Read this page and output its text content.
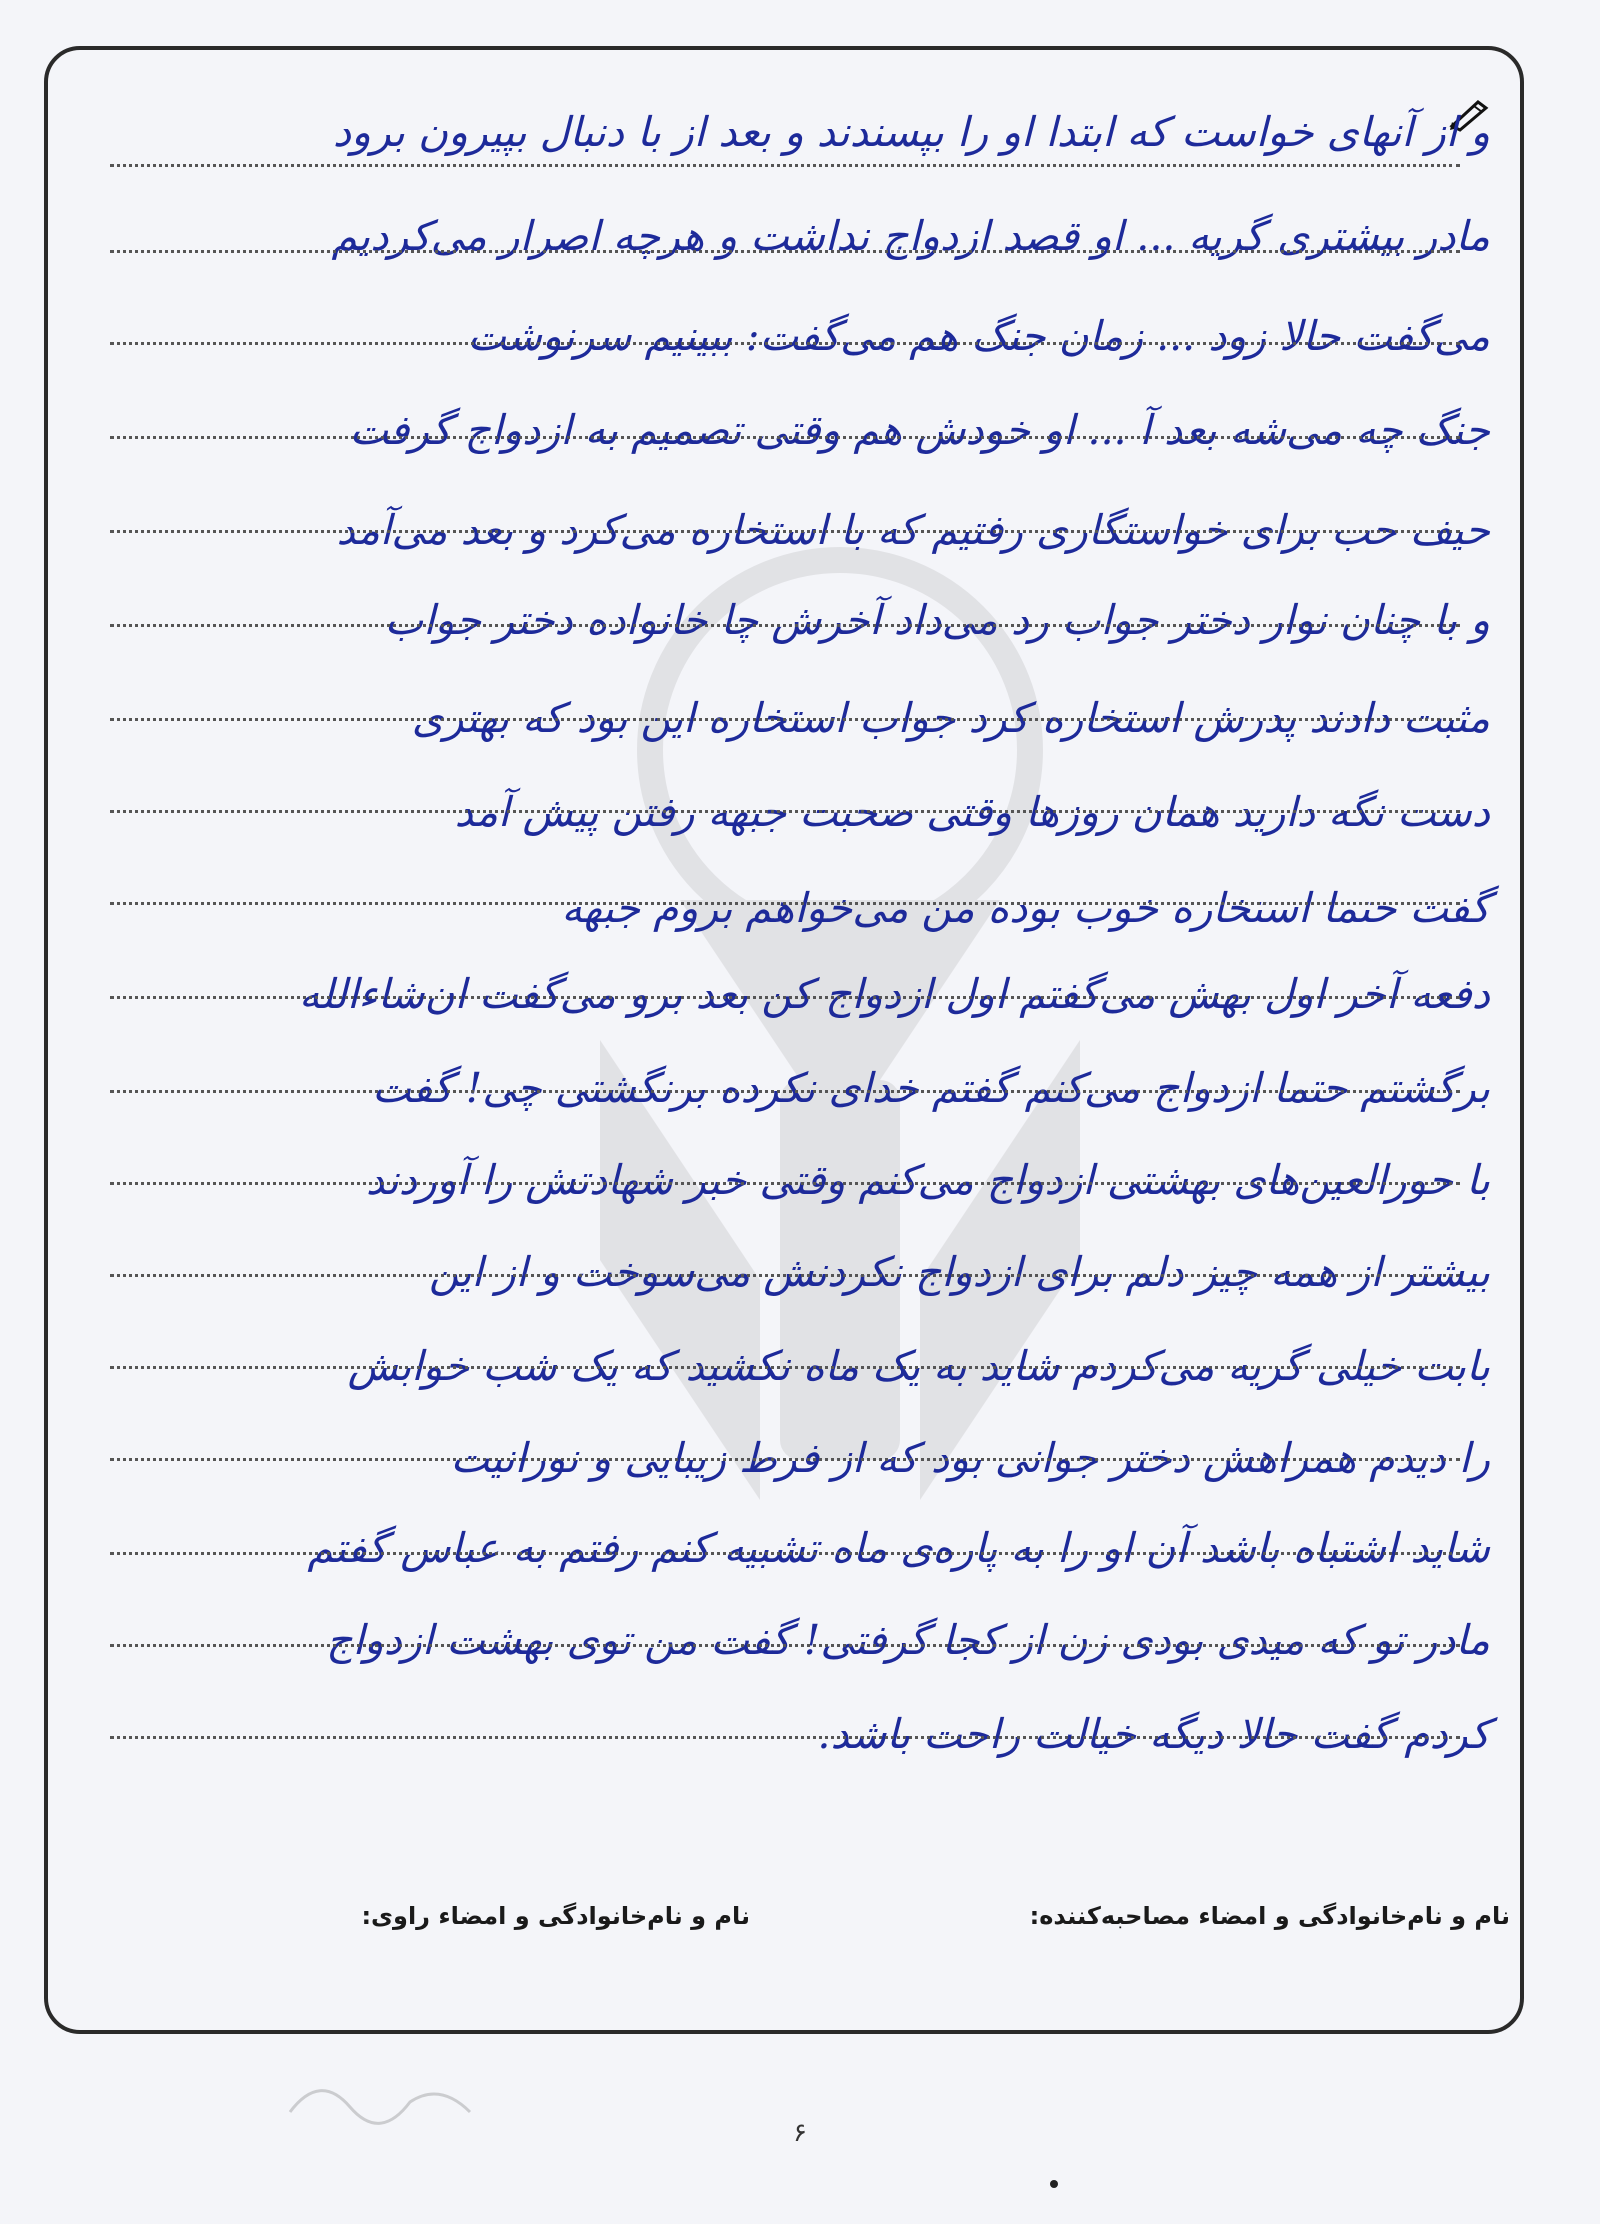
و از آنهای خواست که ابتدا او را بپسندند و بعد از با دنبال بپیرون برود
مادر بیشتری گریه ... او قصد ازدواج نداشت و هرچه اصرار می‌کردیم
می‌گفت حالا زود ... زمان جنگ هم می‌گفت: ببینیم سرنوشت
جنگ چه می‌شه بعد آ ... او خودش هم وقتی تصمیم به ازدواج گرفت
حیف حب برای خواستگاری رفتیم که با استخاره می‌کرد و بعد می‌آمد
و با چنان نوار دختر جواب رد می‌داد آخرش چا خانواده دختر جواب
مثبت دادند پدرش استخاره کرد جواب استخاره این بود که بهتری
دست نگه دارید همان روزها وقتی صحبت جبهه رفتن پیش آمد
گفت حتما استخاره خوب بوده من می‌خواهم بروم جبهه
دفعه آخر اول بهش می‌گفتم اول ازدواج کن بعد برو می‌گفت ان‌شاءالله
برگشتم حتما ازدواج می‌کنم گفتم خدای نکرده برنگشتی چی! گفت
با حورالعین‌های بهشتی ازدواج می‌کنم وقتی خبر شهادتش را آوردند
بیشتر از همه چیز دلم برای ازدواج نکردنش می‌سوخت و از این
بابت خیلی گریه می‌کردم شاید به یک ماه نکشید که یک شب خوابش
را دیدم همراهش دختر جوانی بود که از فرط زیبایی و نورانیت
شاید اشتباه باشد آن او را به پاره‌ی ماه تشبیه کنم رفتم به عباس گفتم
مادر تو که میدی بودی زن از کجا گرفتی! گفت من توی بهشت ازدواج
کردم گفت حالا دیگه خیالت راحت باشد.
نام و نام‌خانوادگی و امضاء مصاحبه‌کننده:
نام و نام‌خانوادگی و امضاء راوی:
۶
